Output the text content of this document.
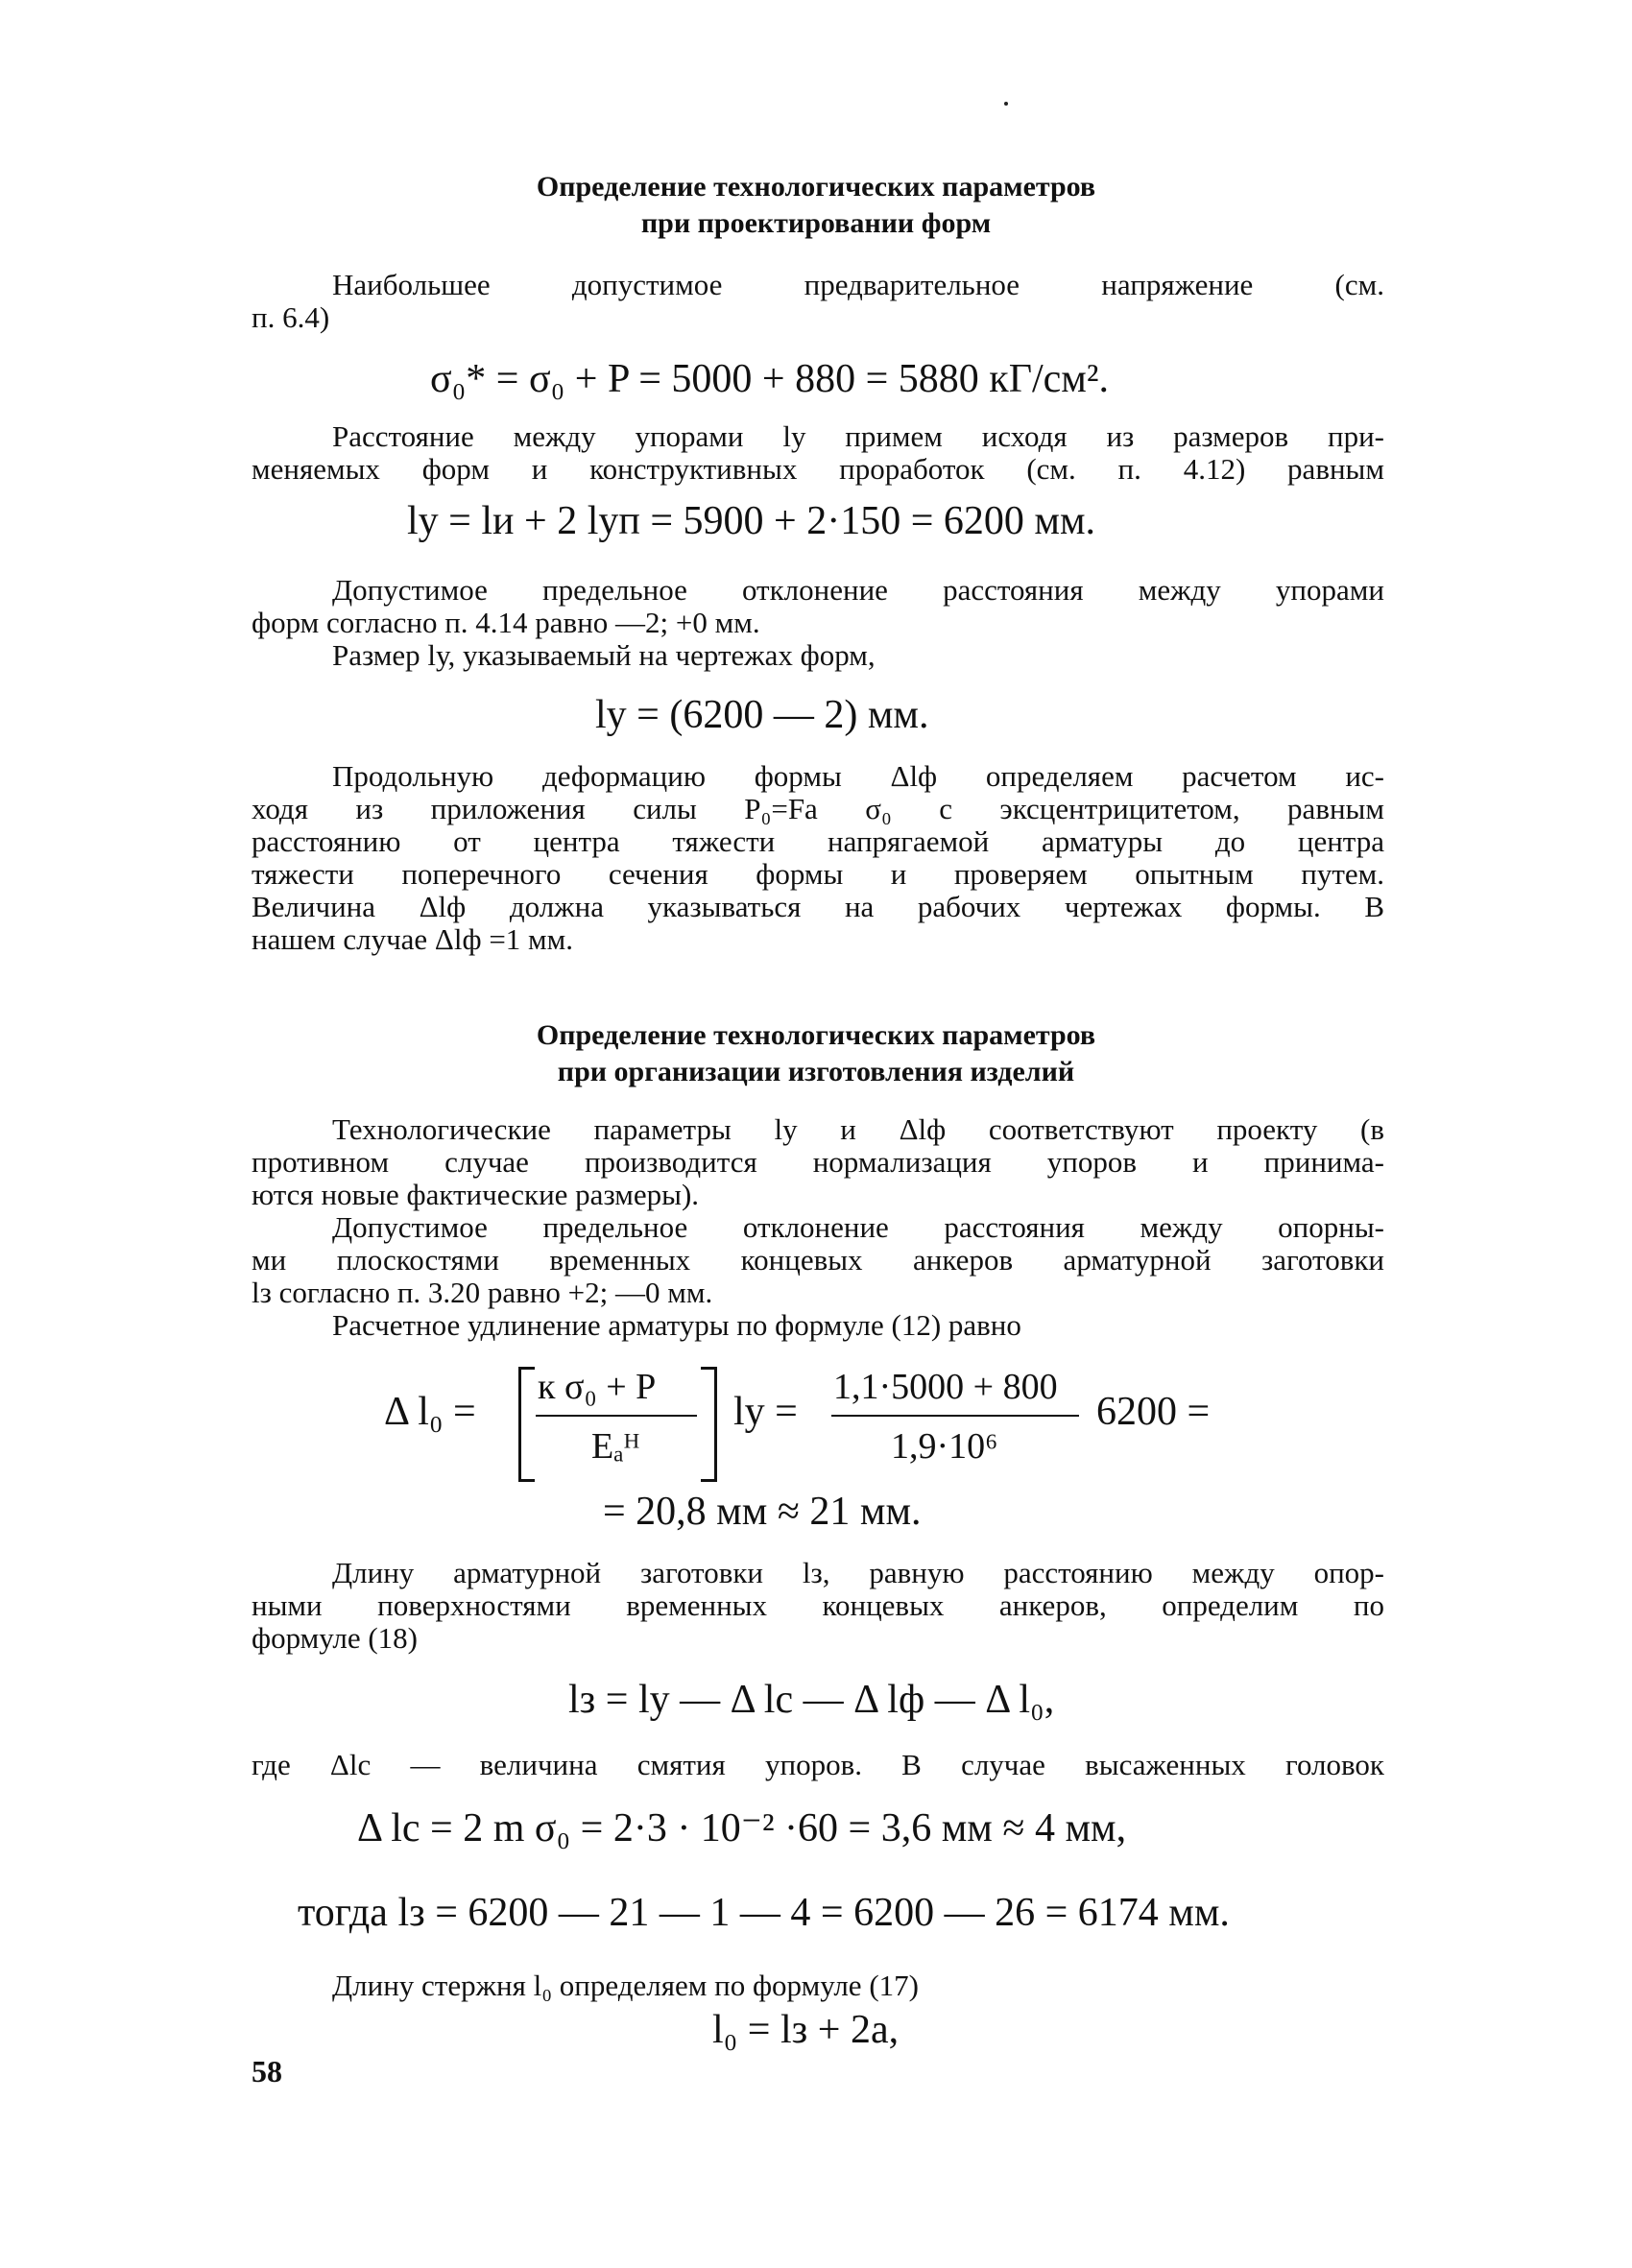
Определение технологических параметров
при проектировании форм
Наибольшее допустимое предварительное напряжение (см.
п. 6.4)
σ₀* = σ₀ + P = 5000 + 880 = 5880 кГ/см².
Расстояние между упорами lу примем исходя из размеров при-
меняемых форм и конструктивных проработок (см. п. 4.12) равным
lу = lи + 2 lуп = 5900 + 2·150 = 6200 мм.
Допустимое предельное отклонение расстояния между упорами
форм согласно п. 4.14 равно —2; +0 мм.
Размер lу, указываемый на чертежах форм,
lу = (6200 — 2) мм.
Продольную деформацию формы Δlф определяем расчетом ис-
ходя из приложения силы P₀=Fа σ₀ с эксцентрицитетом, равным
расстоянию от центра тяжести напрягаемой арматуры до центра
тяжести поперечного сечения формы и проверяем опытным путем.
Величина Δlф должна указываться на рабочих чертежах формы. В
нашем случае Δlф =1 мм.
Определение технологических параметров
при организации изготовления изделий
Технологические параметры lу и Δlф соответствуют проекту (в
противном случае производится нормализация упоров и принима-
ются новые фактические размеры).
Допустимое предельное отклонение расстояния между опорны-
ми плоскостями временных концевых анкеров арматурной заготовки
lз согласно п. 3.20 равно +2; —0 мм.
Расчетное удлинение арматуры по формуле (12) равно
Δ l₀ =
к σ₀ + P
Eₐᴴ
lу =
1,1·5000 + 800
1,9·10⁶
6200 =
= 20,8 мм ≈ 21 мм.
Длину арматурной заготовки lз, равную расстоянию между опор-
ными поверхностями временных концевых анкеров, определим по
формуле (18)
lз = lу — Δ lс — Δ lф — Δ l₀,
где Δlс — величина смятия упоров. В случае высаженных головок
Δ lс = 2 m σ₀ = 2·3 · 10⁻² ·60 = 3,6 мм ≈ 4 мм,
тогда lз = 6200 — 21 — 1 — 4 = 6200 — 26 = 6174 мм.
Длину стержня l₀ определяем по формуле (17)
l₀ = lз + 2a,
58
